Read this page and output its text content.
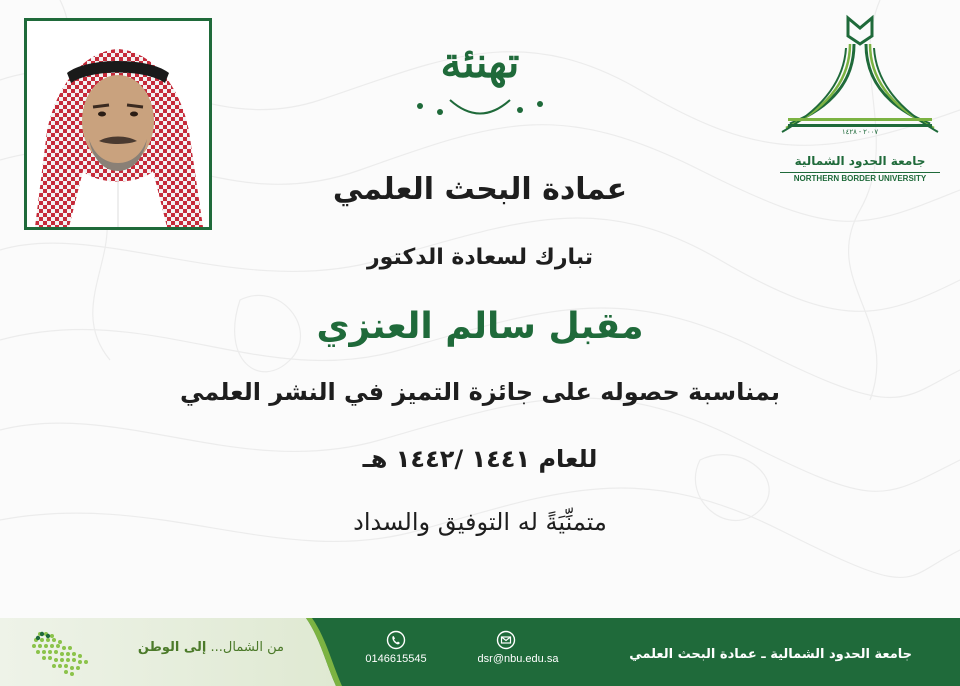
تهنئة
٢٠٠٧ - ١٤٢٨
جامعة الحدود الشمالية
NORTHERN BORDER UNIVERSITY
عمادة البحث العلمي
تبارك لسعادة الدكتور
مقبل سالم العنزي
بمناسبة حصوله على جائزة التميز في النشر العلمي
للعام ١٤٤١ /١٤٤٢ هـ
متمنِّيَةً له التوفيق والسداد
من الشمال... إلى الوطن
0146615545	dsr@nbu.edu.sa	جامعة الحدود الشمالية ـ عمادة البحث العلمي
